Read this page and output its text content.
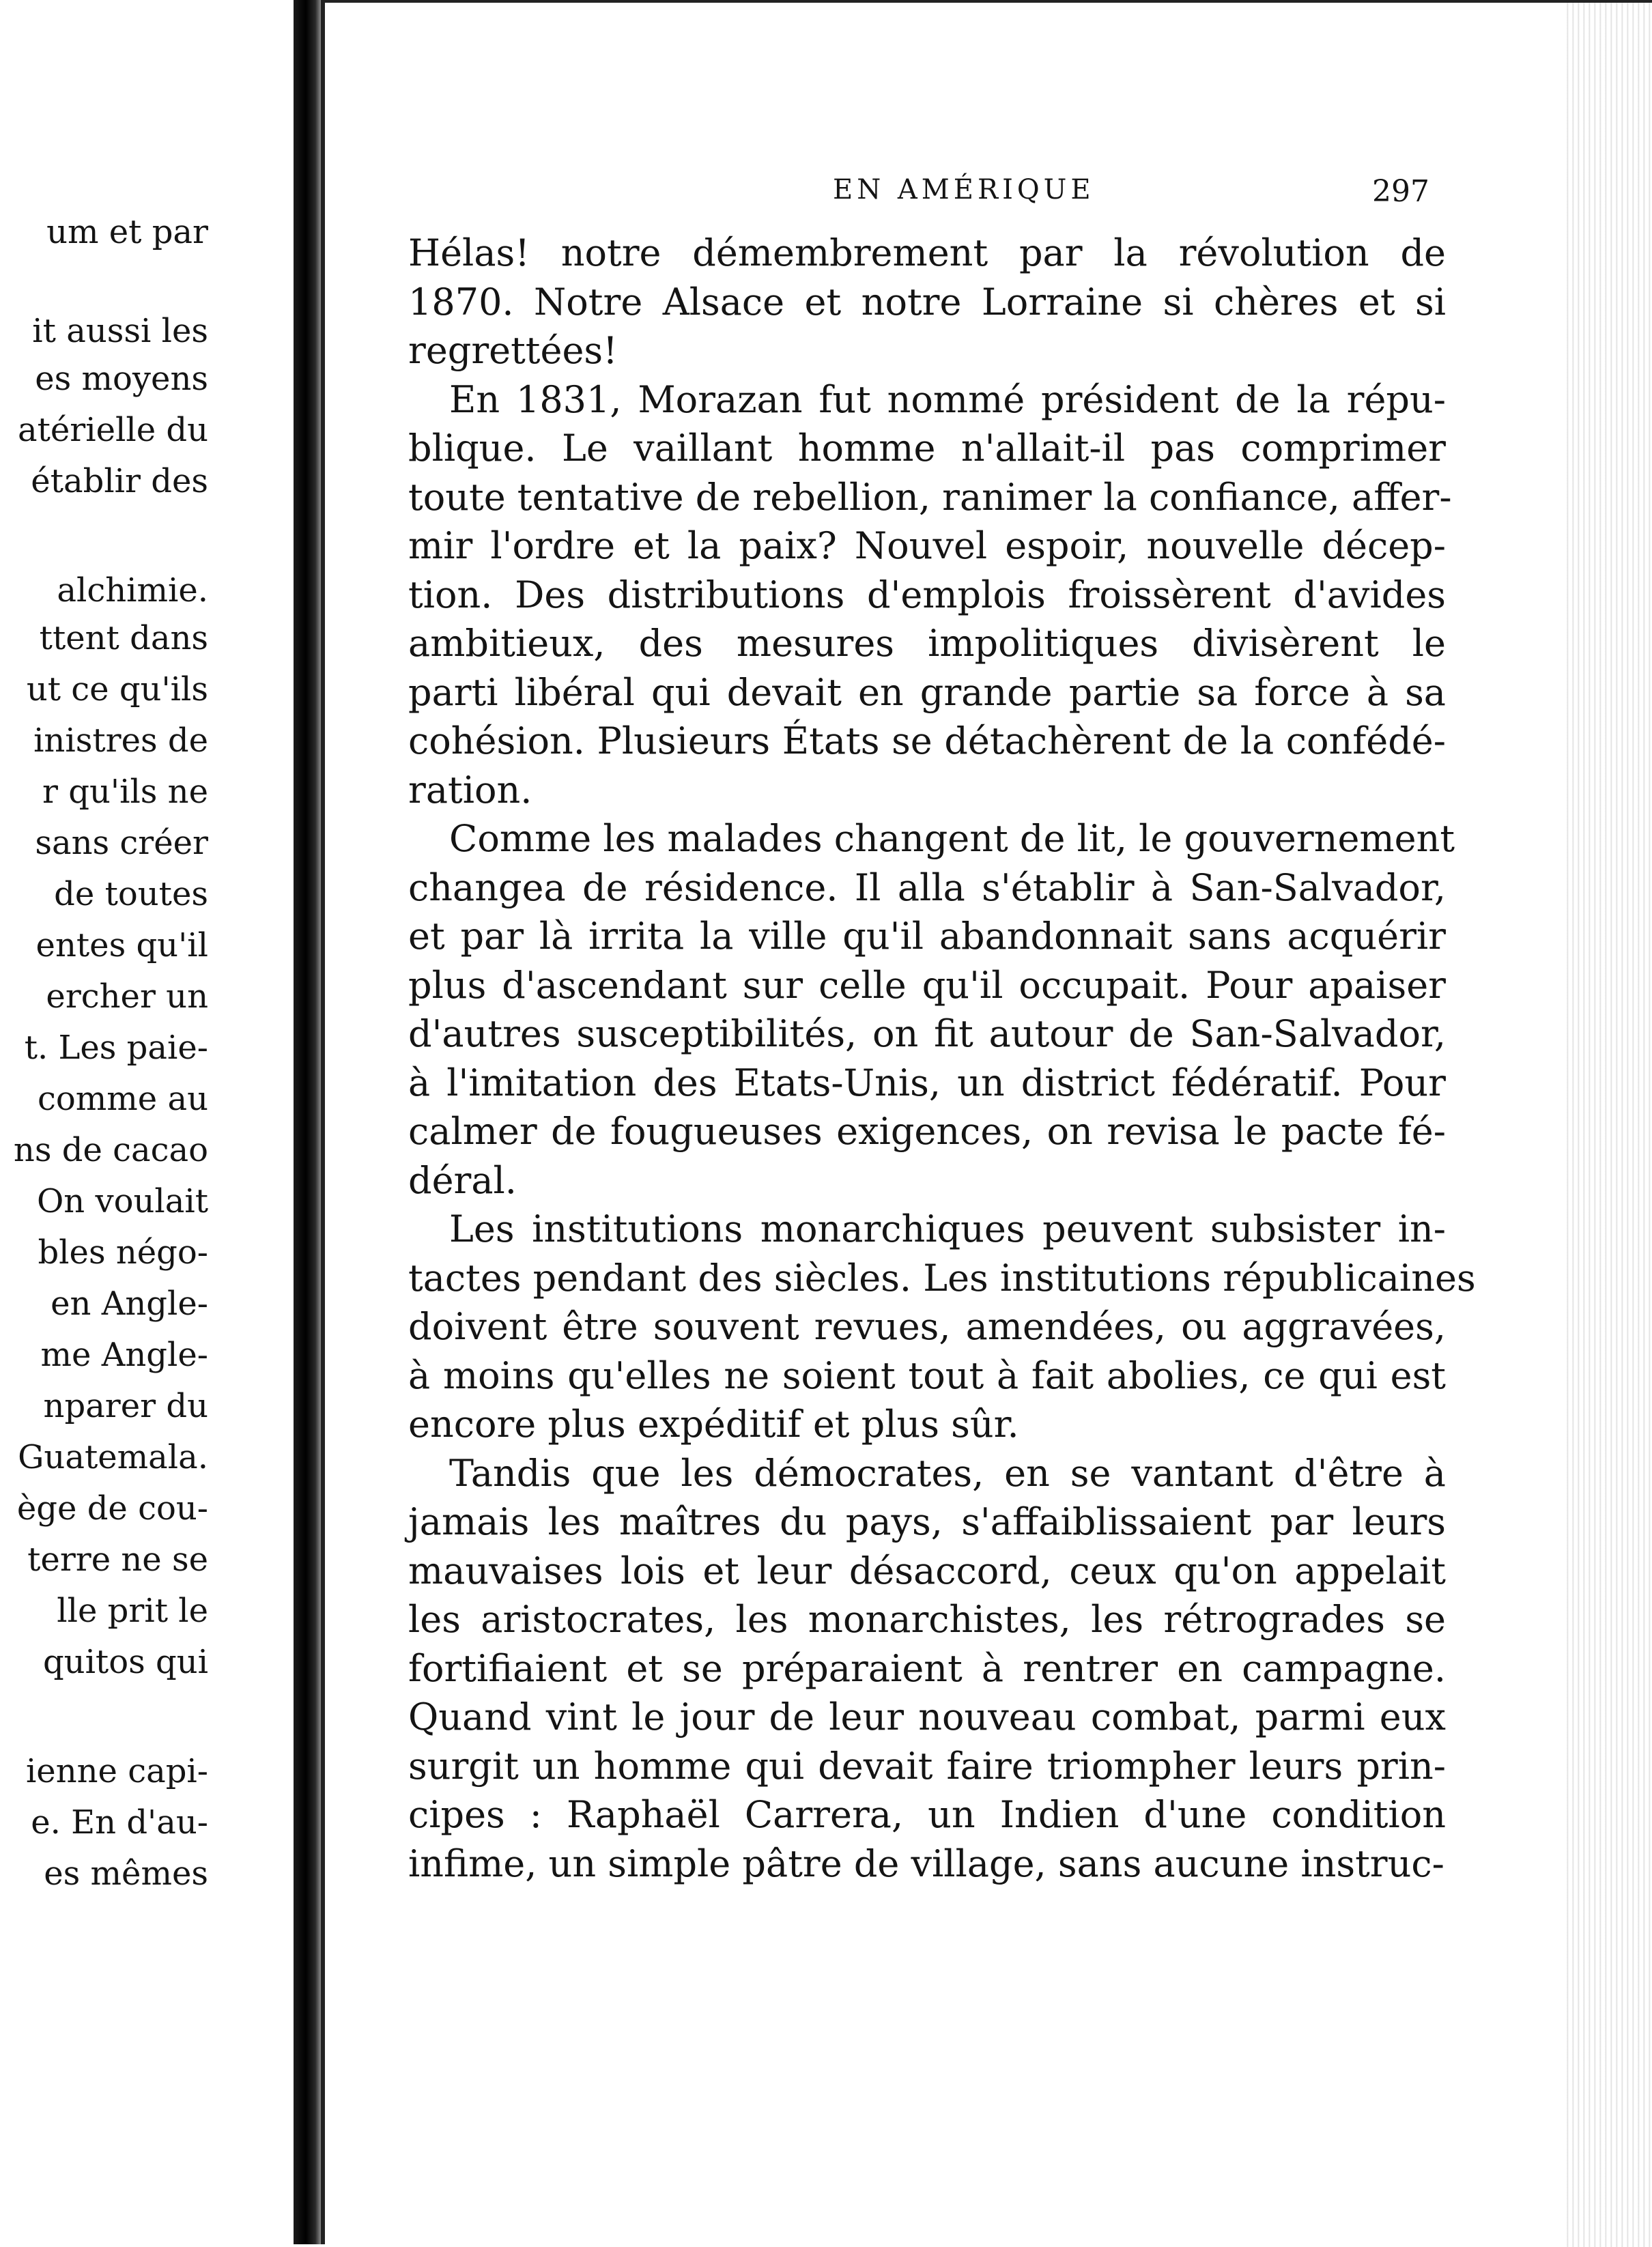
um et par
it aussi les
es moyens
atérielle du
établir des
alchimie.
ttent dans
ut ce qu'ils
inistres de
r qu'ils ne
sans créer
de toutes
entes qu'il
ercher un
t. Les paie-
comme au
ns de cacao
On voulait
bles négo-
en Angle-
me Angle-
nparer du
Guatemala.
ège de cou-
terre ne se
lle prit le
quitos qui
ienne capi-
e. En d'au-
es mêmes
EN AMÉRIQUE	297
Hélas! notre démembrement par la révolution de
1870. Notre Alsace et notre Lorraine si chères et si
regrettées!
En 1831, Morazan fut nommé président de la répu-
blique. Le vaillant homme n'allait-il pas comprimer
toute tentative de rebellion, ranimer la confiance, affer-
mir l'ordre et la paix? Nouvel espoir, nouvelle décep-
tion. Des distributions d'emplois froissèrent d'avides
ambitieux, des mesures impolitiques divisèrent le
parti libéral qui devait en grande partie sa force à sa
cohésion. Plusieurs États se détachèrent de la confédé-
ration.
Comme les malades changent de lit, le gouvernement
changea de résidence. Il alla s'établir à San-Salvador,
et par là irrita la ville qu'il abandonnait sans acquérir
plus d'ascendant sur celle qu'il occupait. Pour apaiser
d'autres susceptibilités, on fit autour de San-Salvador,
à l'imitation des Etats-Unis, un district fédératif. Pour
calmer de fougueuses exigences, on revisa le pacte fé-
déral.
Les institutions monarchiques peuvent subsister in-
tactes pendant des siècles. Les institutions républicaines
doivent être souvent revues, amendées, ou aggravées,
à moins qu'elles ne soient tout à fait abolies, ce qui est
encore plus expéditif et plus sûr.
Tandis que les démocrates, en se vantant d'être à
jamais les maîtres du pays, s'affaiblissaient par leurs
mauvaises lois et leur désaccord, ceux qu'on appelait
les aristocrates, les monarchistes, les rétrogrades se
fortifiaient et se préparaient à rentrer en campagne.
Quand vint le jour de leur nouveau combat, parmi eux
surgit un homme qui devait faire triompher leurs prin-
cipes : Raphaël Carrera, un Indien d'une condition
infime, un simple pâtre de village, sans aucune instruc-
